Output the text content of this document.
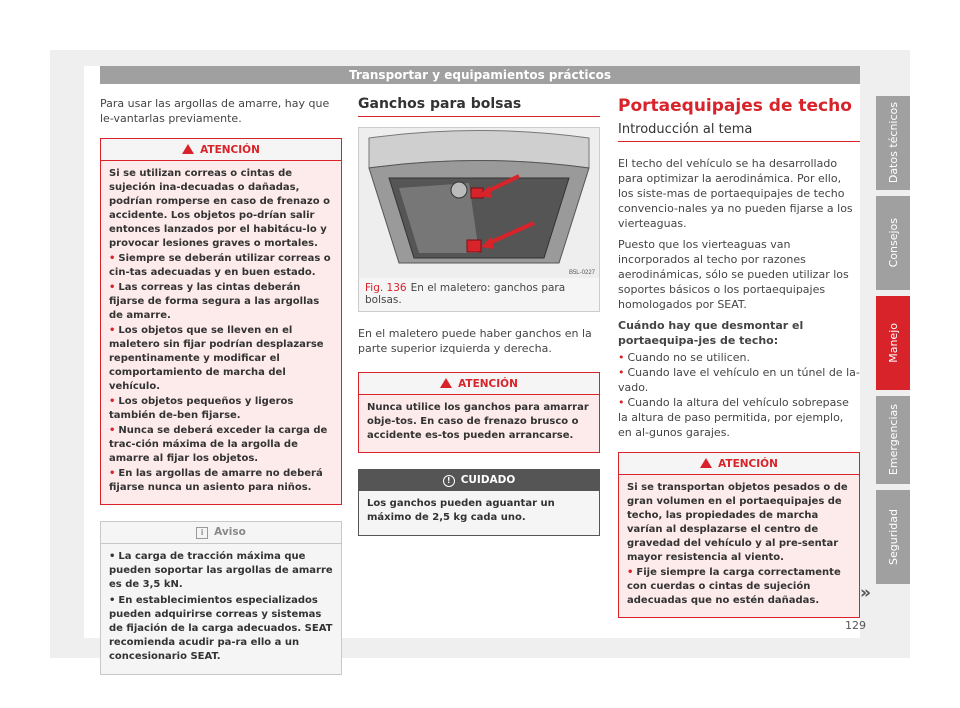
Transportar y equipamientos prácticos

Para usar las argollas de amarre, hay que le-vantarlas previamente.

ATENCIÓN

Si se utilizan correas o cintas de sujeción ina-decuadas o dañadas, podrían romperse en caso de frenazo o accidente. Los objetos po-drían salir entonces lanzados por el habitácu-lo y provocar lesiones graves o mortales.

• Siempre se deberán utilizar correas o cin-tas adecuadas y en buen estado.

• Las correas y las cintas deberán fijarse de forma segura a las argollas de amarre.

• Los objetos que se lleven en el maletero sin fijar podrían desplazarse repentinamente y modificar el comportamiento de marcha del vehículo.

• Los objetos pequeños y ligeros también de-ben fijarse.

• Nunca se deberá exceder la carga de trac-ción máxima de la argolla de amarre al fijar los objetos.

• En las argollas de amarre no deberá fijarse nunca un asiento para niños.

i Aviso

• La carga de tracción máxima que pueden soportar las argollas de amarre es de 3,5 kN.

• En establecimientos especializados pueden adquirirse correas y sistemas de fijación de la carga adecuados. SEAT recomienda acudir pa-ra ello a un concesionario SEAT.

Ganchos para bolsas
B5L-0227
Fig. 136 En el maletero: ganchos para bolsas.

En el maletero puede haber ganchos en la parte superior izquierda y derecha.

ATENCIÓN

Nunca utilice los ganchos para amarrar obje-tos. En caso de frenazo brusco o accidente es-tos pueden arrancarse.

! CUIDADO

Los ganchos pueden aguantar un máximo de 2,5 kg cada uno.

Portaequipajes de techo
Introducción al tema

El techo del vehículo se ha desarrollado para optimizar la aerodinámica. Por ello, los siste-mas de portaequipajes de techo convencio-nales ya no pueden fijarse a los vierteaguas.

Puesto que los vierteaguas van incorporados al techo por razones aerodinámicas, sólo se pueden utilizar los soportes básicos o los portaequipajes homologados por SEAT.

Cuándo hay que desmontar el portaequipa-jes de techo:

• Cuando no se utilicen.

• Cuando lave el vehículo en un túnel de la-vado.

• Cuando la altura del vehículo sobrepase la altura de paso permitida, por ejemplo, en al-gunos garajes.

ATENCIÓN

Si se transportan objetos pesados o de gran volumen en el portaequipajes de techo, las propiedades de marcha varían al desplazarse el centro de gravedad del vehículo y al pre-sentar mayor resistencia al viento.

• Fije siempre la carga correctamente con cuerdas o cintas de sujeción adecuadas que no estén dañadas.	»
Datos técnicos
Consejos
Manejo
Emergencias
Seguridad
129
